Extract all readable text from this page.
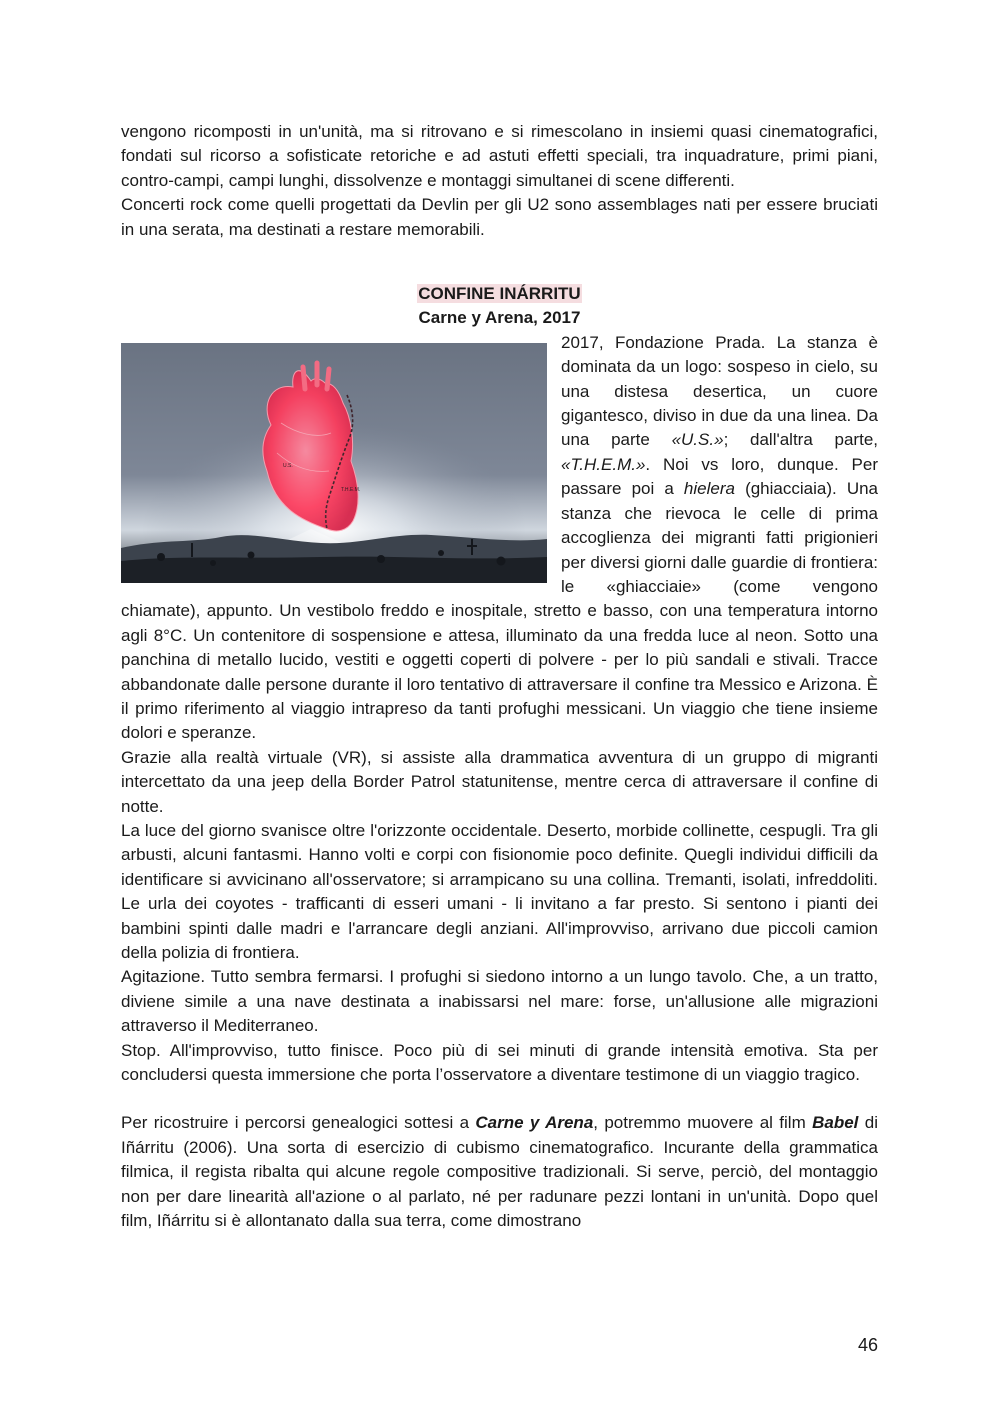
vengono ricomposti in un'unità, ma si ritrovano e si rimescolano in insiemi quasi cinematografici, fondati sul ricorso a sofisticate retoriche e ad astuti effetti speciali, tra inquadrature, primi piani, contro-campi, campi lunghi, dissolvenze e montaggi simultanei di scene differenti.

Concerti rock come quelli progettati da Devlin per gli U2 sono assemblages nati per essere bruciati in una serata, ma destinati a restare memorabili.

CONFINE INÁRRITU
Carne y Arena, 2017
U.S.
T.H.E.M.

2017, Fondazione Prada. La stanza è dominata da un logo: sospeso in cielo, su una distesa desertica, un cuore gigantesco, diviso in due da una linea. Da una parte «U.S.»; dall'altra parte, «T.H.E.M.». Noi vs loro, dunque. Per passare poi a hielera (ghiacciaia). Una stanza che rievoca le celle di prima accoglienza dei migranti fatti prigionieri per diversi giorni dalle guardie di frontiera: le «ghiacciaie» (come vengono chiamate), appunto. Un vestibolo freddo e inospitale, stretto e basso, con una temperatura intorno agli 8°C. Un contenitore di sospensione e attesa, illuminato da una fredda luce al neon. Sotto una panchina di metallo lucido, vestiti e oggetti coperti di polvere - per lo più sandali e stivali. Tracce abbandonate dalle persone durante il loro tentativo di attraversare il confine tra Messico e Arizona. È il primo riferimento al viaggio intrapreso da tanti profughi messicani. Un viaggio che tiene insieme dolori e speranze.

Grazie alla realtà virtuale (VR), si assiste alla drammatica avventura di un gruppo di migranti intercettato da una jeep della Border Patrol statunitense, mentre cerca di attraversare il confine di notte.

La luce del giorno svanisce oltre l'orizzonte occidentale. Deserto, morbide collinette, cespugli. Tra gli arbusti, alcuni fantasmi. Hanno volti e corpi con fisionomie poco definite. Quegli individui difficili da identificare si avvicinano all'osservatore; si arrampicano su una collina. Tremanti, isolati, infreddoliti. Le urla dei coyotes - trafficanti di esseri umani - li invitano a far presto. Si sentono i pianti dei bambini spinti dalle madri e l'arrancare degli anziani. All'improvviso, arrivano due piccoli camion della polizia di frontiera.

Agitazione. Tutto sembra fermarsi. I profughi si siedono intorno a un lungo tavolo. Che, a un tratto, diviene simile a una nave destinata a inabissarsi nel mare: forse, un'allusione alle migrazioni attraverso il Mediterraneo.

Stop. All'improvviso, tutto finisce. Poco più di sei minuti di grande intensità emotiva. Sta per concludersi questa immersione che porta l’osservatore a diventare testimone di un viaggio tragico.

Per ricostruire i percorsi genealogici sottesi a Carne y Arena, potremmo muovere al film Babel di Iñárritu (2006). Una sorta di esercizio di cubismo cinematografico. Incurante della grammatica filmica, il regista ribalta qui alcune regole compositive tradizionali. Si serve, perciò, del montaggio non per dare linearità all'azione o al parlato, né per radunare pezzi lontani in un'unità. Dopo quel film, Iñárritu si è allontanato dalla sua terra, come dimostrano

46
